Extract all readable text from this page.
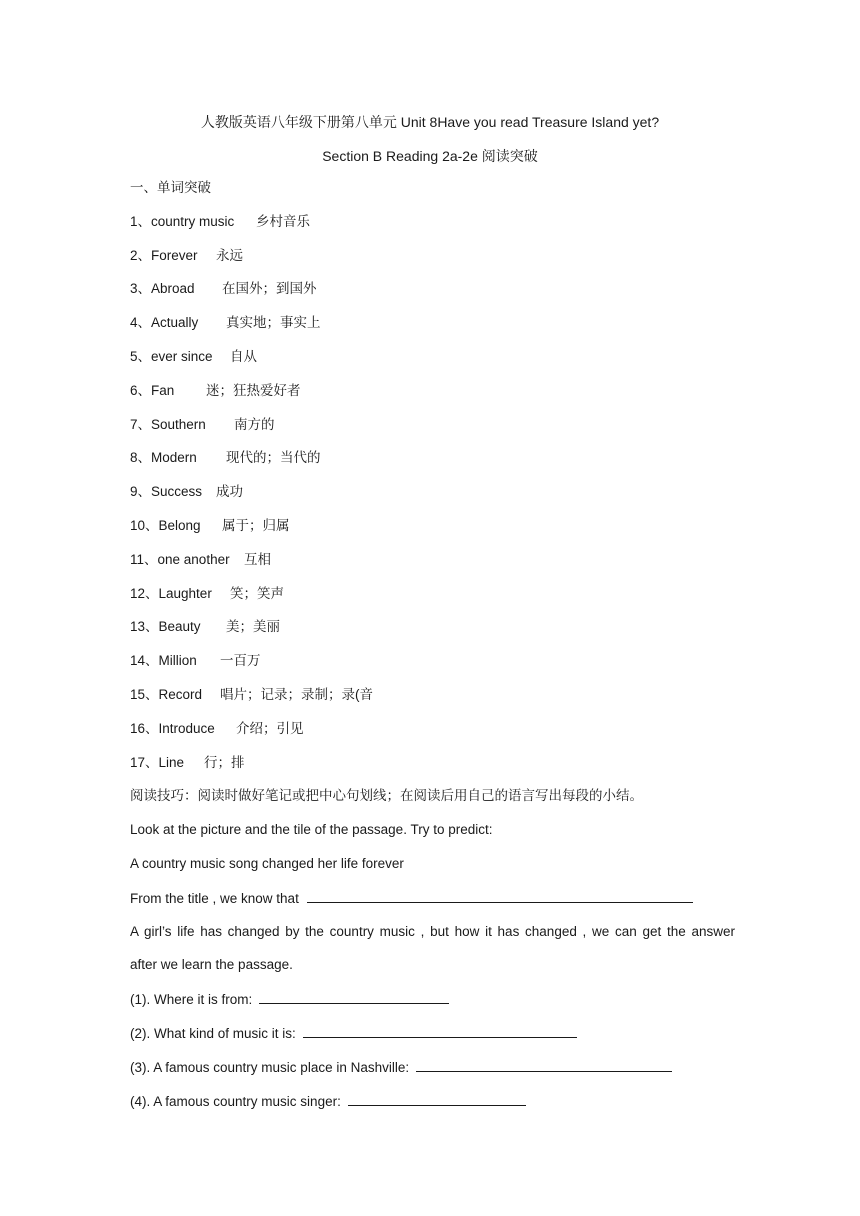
人教版英语八年级下册第八单元 Unit 8Have you read Treasure Island yet?
Section B Reading 2a-2e 阅读突破
一、单词突破
1、country music	乡村音乐
2、Forever	永远
3、Abroad	在国外；到国外
4、Actually	真实地；事实上
5、ever since 自从
6、Fan	迷；狂热爱好者
7、Southern	南方的
8、Modern	现代的；当代的
9、Success 成功
10、Belong	属于；归属
11、one another 互相
12、Laughter	笑；笑声
13、Beauty	美；美丽
14、Million	一百万
15、Record 唱片；记录；录制；录(音
16、Introduce	介绍；引见
17、Line	行；排
阅读技巧：阅读时做好笔记或把中心句划线；在阅读后用自己的语言写出每段的小结。
Look at the picture and the tile of the passage. Try to predict:
A country music song changed her life forever
From the title , we know that
A girl’s life has changed by the country music , but how it has changed , we can get the answer
after we learn the passage.
(1). Where it is from:
(2). What kind of music it is:
(3). A famous country music place in Nashville:
(4). A famous country music singer:
